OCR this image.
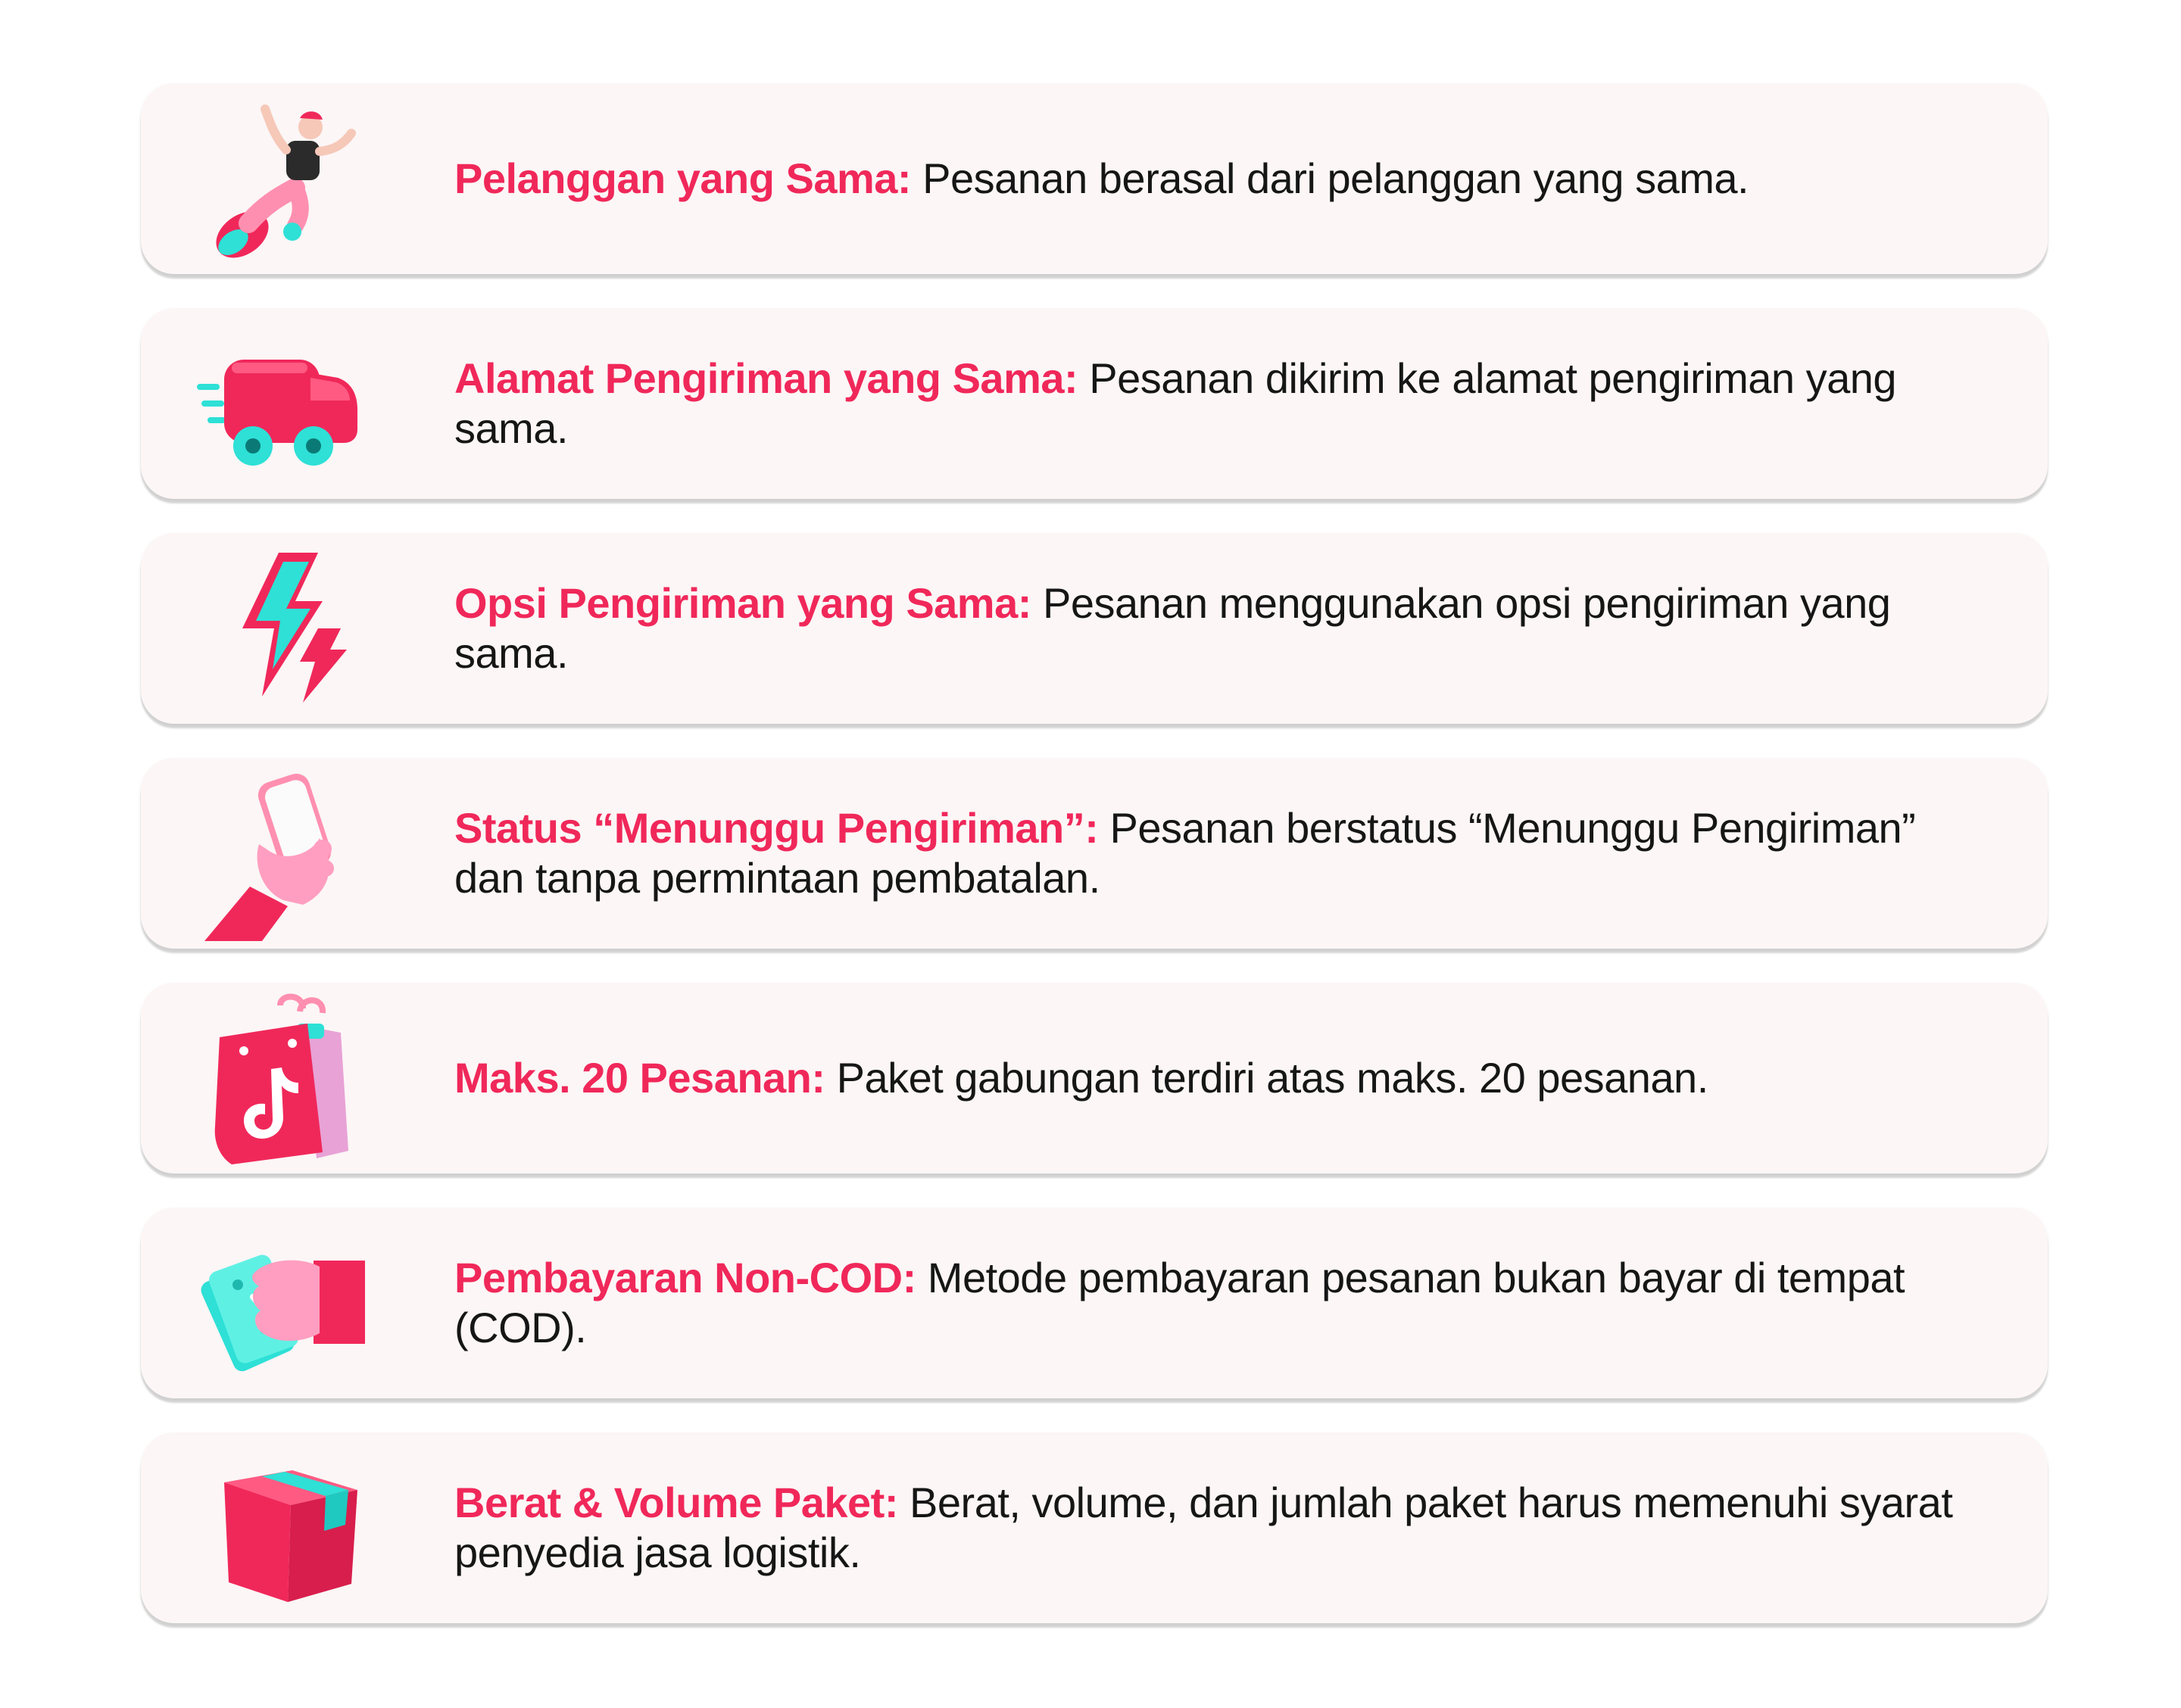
Pelanggan yang Sama: Pesanan berasal dari pelanggan yang sama.
Alamat Pengiriman yang Sama: Pesanan dikirim ke alamat pengiriman yang sama.
Opsi Pengiriman yang Sama: Pesanan menggunakan opsi pengiriman yang sama.
Status “Menunggu Pengiriman”: Pesanan berstatus “Menunggu Pengiriman” dan tanpa permintaan pembatalan.
Maks. 20 Pesanan: Paket gabungan terdiri atas maks. 20 pesanan.
Pembayaran Non-COD: Metode pembayaran pesanan bukan bayar di tempat (COD).
Berat & Volume Paket: Berat, volume, dan jumlah paket harus memenuhi syarat penyedia jasa logistik.
